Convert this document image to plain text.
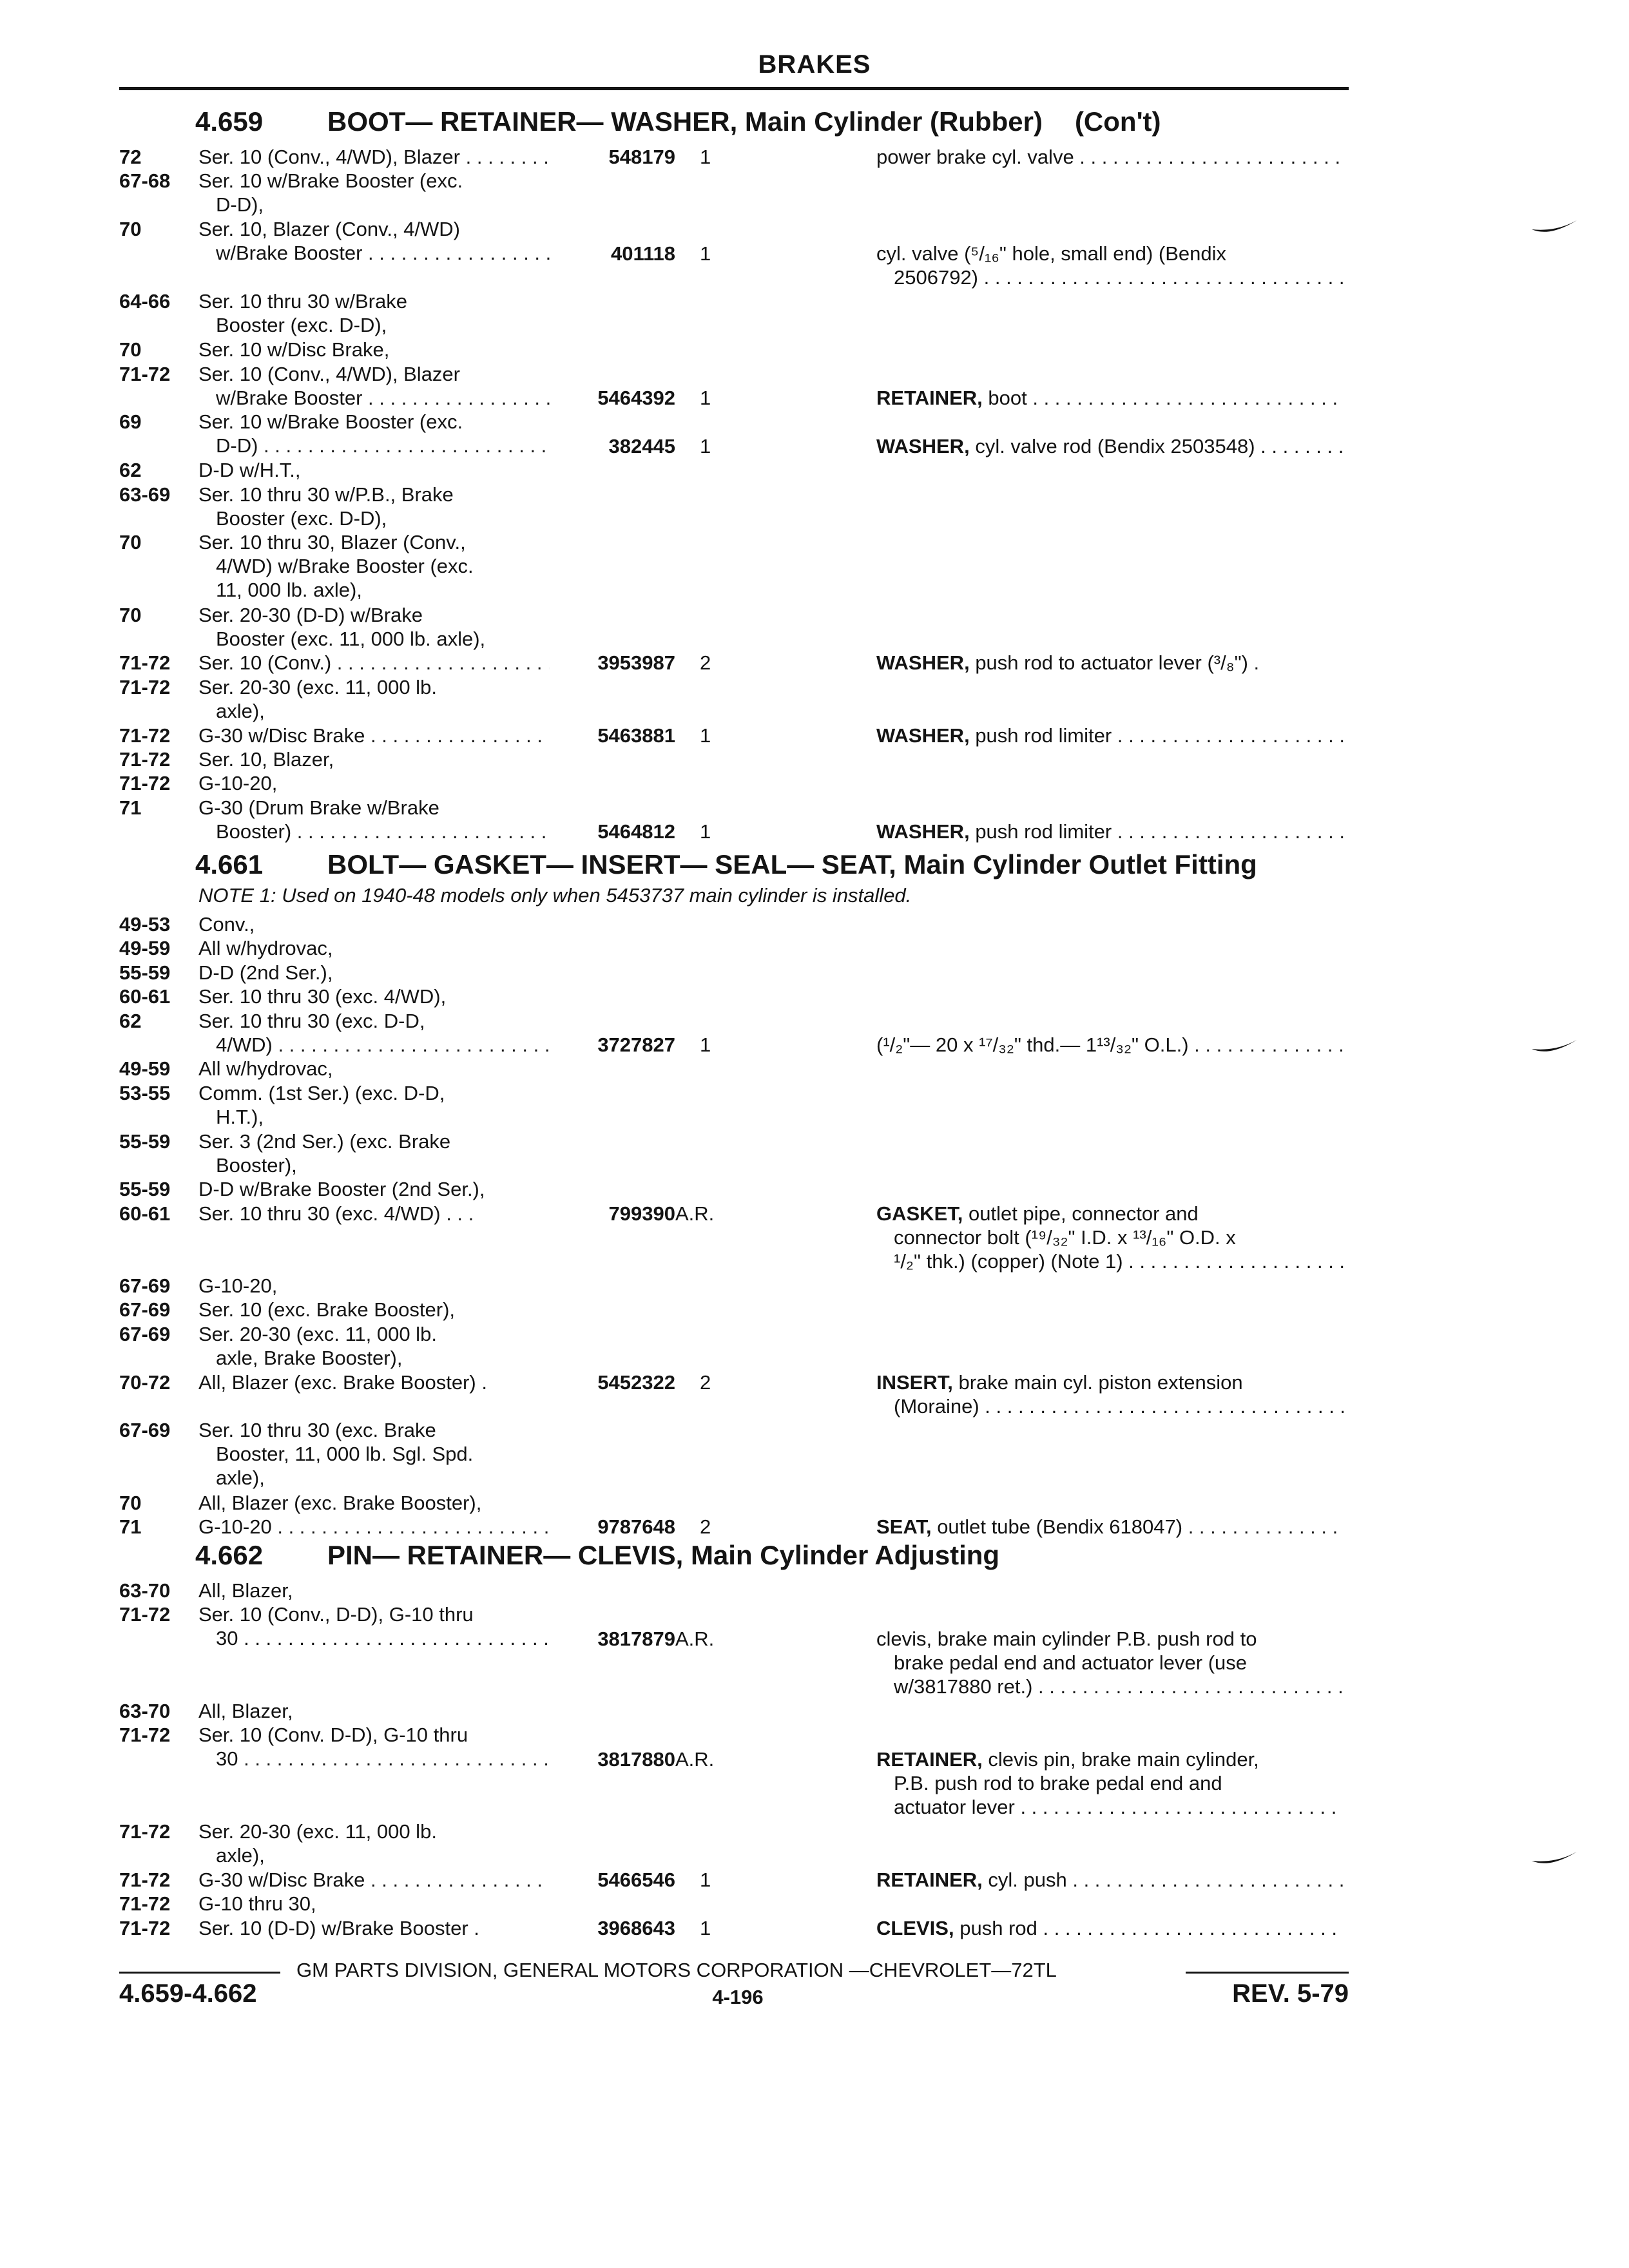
BRAKES
4.659 BOOT— RETAINER— WASHER, Main Cylinder (Rubber) (Con't)
72	Ser. 10 (Conv., 4/WD), Blazer . . .	548179 1	power brake cyl. valve . . .
67-68 Ser. 10 w/Brake Booster (exc.
D-D),
70	Ser. 10, Blazer (Conv., 4/WD)
w/Brake Booster . . .	401118 1	cyl. valve (⁵/₁₆" hole, small end) (Bendix
2506792) . . .
64-66 Ser. 10 thru 30 w/Brake
Booster (exc. D-D),
70	Ser. 10 w/Disc Brake,
71-72 Ser. 10 (Conv., 4/WD), Blazer
w/Brake Booster . . .	5464392 1	RETAINER, boot . . .
69	Ser. 10 w/Brake Booster (exc.
D-D) . . .	382445 1	WASHER, cyl. valve rod (Bendix 2503548) . . .
62	D-D w/H.T.,
63-69 Ser. 10 thru 30 w/P.B., Brake
Booster (exc. D-D),
70	Ser. 10 thru 30, Blazer (Conv.,
4/WD) w/Brake Booster (exc.
11, 000 lb. axle),
70	Ser. 20-30 (D-D) w/Brake
Booster (exc. 11, 000 lb. axle),
71-72 Ser. 10 (Conv.) . . .	3953987 2	WASHER, push rod to actuator lever (³/₈") .
71-72 Ser. 20-30 (exc. 11, 000 lb.
axle),
71-72 G-30 w/Disc Brake . . .	5463881 1	WASHER, push rod limiter . . .
71-72 Ser. 10, Blazer,
71-72 G-10-20,
71	G-30 (Drum Brake w/Brake
Booster) . . .	5464812 1	WASHER, push rod limiter . . .
4.661 BOLT— GASKET— INSERT— SEAL— SEAT, Main Cylinder Outlet Fitting
NOTE 1: Used on 1940-48 models only when 5453737 main cylinder is installed.
49-53 Conv.,
49-59 All w/hydrovac,
55-59 D-D (2nd Ser.),
60-61 Ser. 10 thru 30 (exc. 4/WD),
62	Ser. 10 thru 30 (exc. D-D,
4/WD) . . .	3727827 1	(¹/₂"— 20 x ¹⁷/₃₂" thd.— 1¹³/₃₂" O.L.) . . .
49-59 All w/hydrovac,
53-55 Comm. (1st Ser.) (exc. D-D,
H.T.),
55-59 Ser. 3 (2nd Ser.) (exc. Brake
Booster),
55-59 D-D w/Brake Booster (2nd Ser.),
60-61 Ser. 10 thru 30 (exc. 4/WD) . . .	799390 A.R.	GASKET, outlet pipe, connector and
connector bolt (¹⁹/₃₂" I.D. x ¹³/₁₆" O.D. x
¹/₂" thk.) (copper) (Note 1) . . .
67-69 G-10-20,
67-69 Ser. 10 (exc. Brake Booster),
67-69 Ser. 20-30 (exc. 11, 000 lb.
axle, Brake Booster),
70-72 All, Blazer (exc. Brake Booster) .	5452322 2	INSERT, brake main cyl. piston extension
(Moraine) . . .
67-69 Ser. 10 thru 30 (exc. Brake
Booster, 11, 000 lb. Sgl. Spd.
axle),
70	All, Blazer (exc. Brake Booster),
71	G-10-20 . . .	9787648 2	SEAT, outlet tube (Bendix 618047) . . .
4.662 PIN— RETAINER— CLEVIS, Main Cylinder Adjusting
63-70 All, Blazer,
71-72 Ser. 10 (Conv., D-D), G-10 thru
30 . . .	3817879 A.R.	clevis, brake main cylinder P.B. push rod to
brake pedal end and actuator lever (use
w/3817880 ret.) . . .
63-70 All, Blazer,
71-72 Ser. 10 (Conv. D-D), G-10 thru
30 . . .	3817880 A.R.	RETAINER, clevis pin, brake main cylinder,
P.B. push rod to brake pedal end and
actuator lever . . .
71-72 Ser. 20-30 (exc. 11, 000 lb.
axle),
71-72 G-30 w/Disc Brake . . .	5466546 1	RETAINER, cyl. push . . .
71-72 G-10 thru 30,
71-72 Ser. 10 (D-D) w/Brake Booster .	3968643 1	CLEVIS, push rod . . .
GM PARTS DIVISION, GENERAL MOTORS CORPORATION —CHEVROLET—72TL
4.659-4.662	4-196	REV. 5-79
